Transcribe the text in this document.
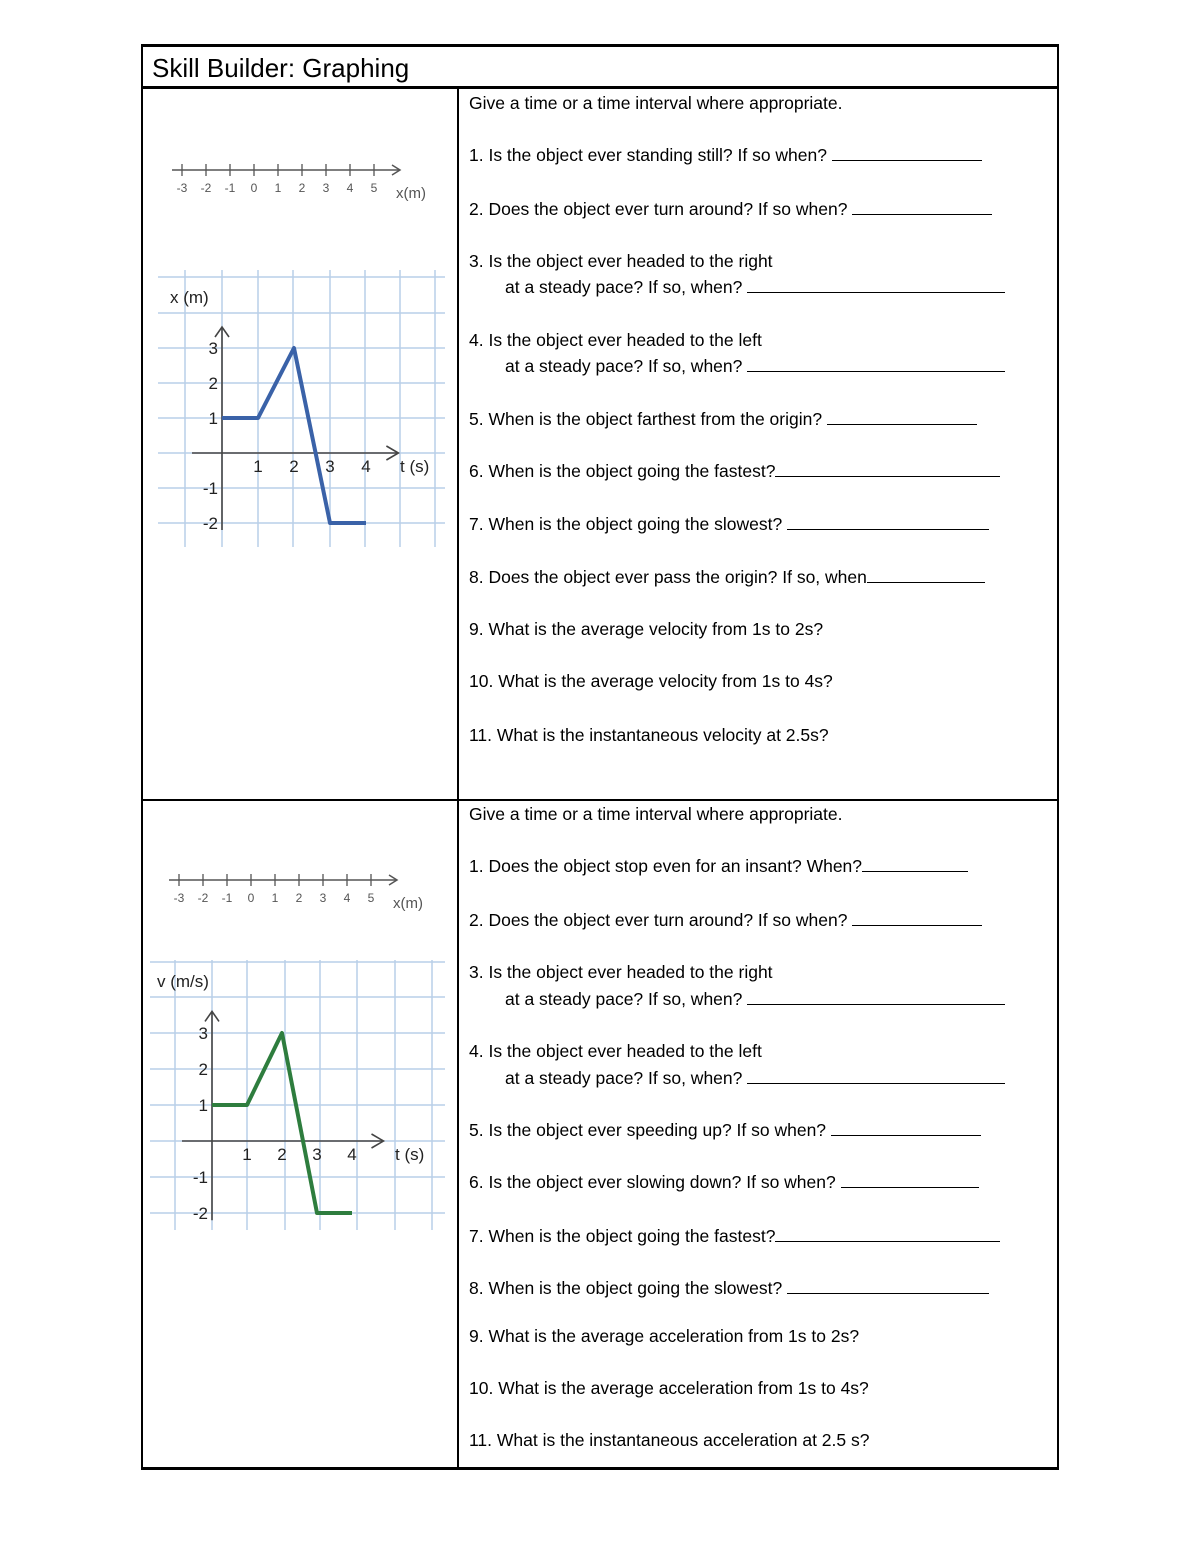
Skill Builder: Graphing
-3 -2 -1 0 1 2 3 4 5 x(m)
1 2 3 4
3
2
1
-1
-2
x (m)
t (s)
-3 -2 -1 0 1 2 3 4 5 x(m)
1 2 3 4
3
2
1
-1
-2
v (m/s)
t (s)
Give a time or a time interval where appropriate.
1. Is the object ever standing still? If so when?
2. Does the object ever turn around? If so when?
3. Is the object ever headed to the right
at a steady pace? If so, when?
4. Is the object ever headed to the left
at a steady pace? If so, when?
5. When is the object farthest from the origin?
6. When is the object going the fastest?
7. When is the object going the slowest?
8. Does the object ever pass the origin? If so, when
9. What is the average velocity from 1s to 2s?
10. What is the average velocity from 1s to 4s?
11. What is the instantaneous velocity at 2.5s?
Give a time or a time interval where appropriate.
1. Does the object stop even for an insant? When?
2. Does the object ever turn around? If so when?
3. Is the object ever headed to the right
at a steady pace? If so, when?
4. Is the object ever headed to the left
at a steady pace? If so, when?
5. Is the object ever speeding up? If so when?
6. Is the object ever slowing down? If so when?
7. When is the object going the fastest?
8. When is the object going the slowest?
9. What is the average acceleration from 1s to 2s?
10. What is the average acceleration from 1s to 4s?
11. What is the instantaneous acceleration at 2.5 s?
